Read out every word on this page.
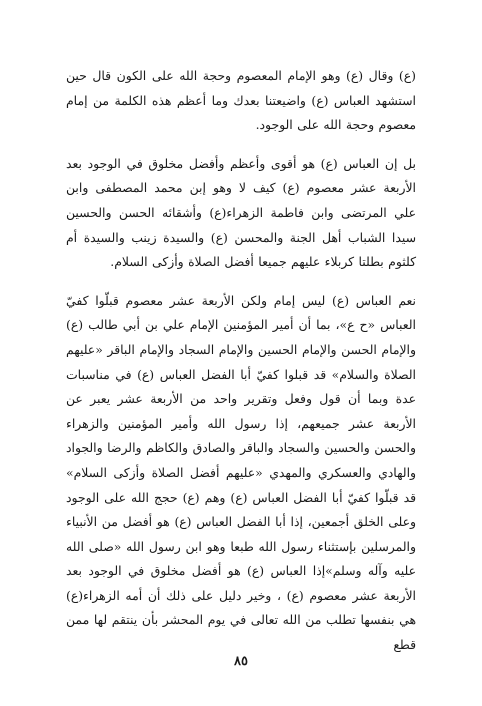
(ع) وقال (ع) وهو الإمام المعصوم وحجة الله على الكون قال حين استشهد العباس (ع) واضيعتنا بعدك وما أعظم هذه الكلمة من إمام معصوم وحجة الله على الوجود.

بل إن العباس (ع) هو أقوى وأعظم وأفضل مخلوق في الوجود بعد الأربعة عشر معصوم (ع) كيف لا وهو إبن محمد المصطفى وابن علي المرتضى وابن فاطمة الزهراء(ع) وأشقائه الحسن والحسين سيدا الشباب أهل الجنة والمحسن (ع) والسيدة زينب والسيدة أم كلثوم بطلتا كربلاء عليهم جميعا أفضل الصلاة وأزكى السلام.

نعم العباس (ع) ليس إمام ولكن الأربعة عشر معصوم قبلّوا كفيّ العباس «ح ع»، بما أن أمير المؤمنين الإمام علي بن أبي طالب (ع) والإمام الحسن والإمام الحسين والإمام السجاد والإمام الباقر «عليهم الصلاة والسلام» قد قبلوا كفيّ أبا الفضل العباس (ع) في مناسبات عدة وبما أن قول وفعل وتقرير واحد من الأربعة عشر يعبر عن الأربعة عشر جميعهم، إذا رسول الله وأمير المؤمنين والزهراء والحسن والحسين والسجاد والباقر والصادق والكاظم والرضا والجواد والهادي والعسكري والمهدي «عليهم أفضل الصلاة وأزكى السلام» قد قبلّوا كفيّ أبا الفضل العباس (ع) وهم (ع) حجج الله على الوجود وعلى الخلق أجمعين، إذا أبا الفضل العباس (ع) هو أفضل من الأنبياء والمرسلين بإستثناء رسول الله طبعا وهو ابن رسول الله «صلى الله عليه وآله وسلم»إذا العباس (ع) هو أفضل مخلوق في الوجود بعد الأربعة عشر معصوم (ع) ، وخير دليل على ذلك أن أمه الزهراء(ع) هي بنفسها تطلب من الله تعالى في يوم المحشر بأن ينتقم لها ممن قطع

٨٥
